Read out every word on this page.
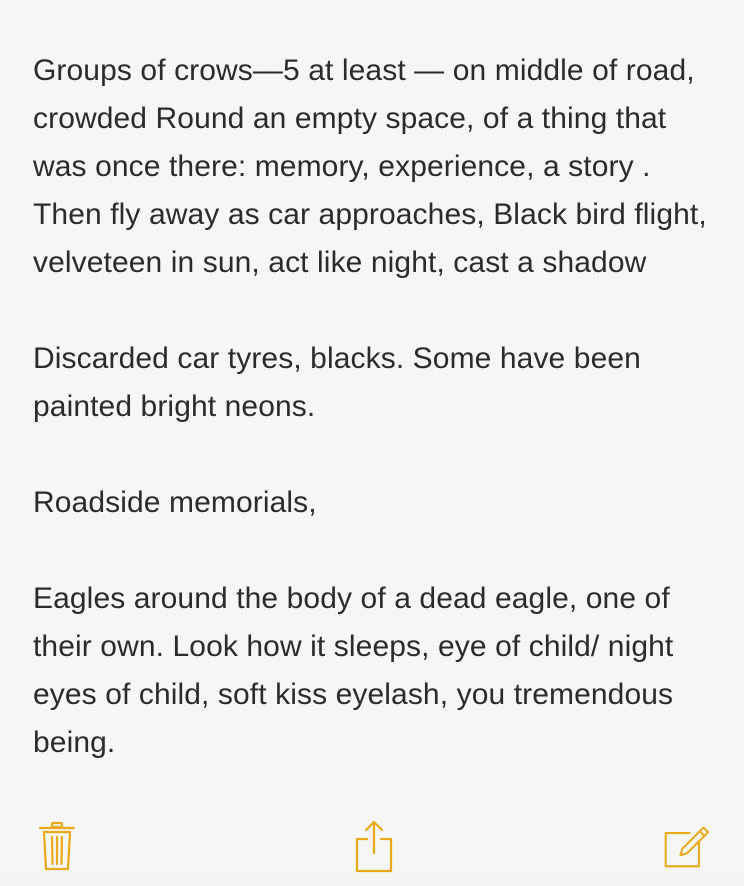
Groups of crows—5 at least — on middle of road, crowded Round an empty space, of a thing that was once there: memory, experience, a story . Then fly away as car approaches, Black bird flight, velveteen in sun, act like night, cast a shadow

Discarded car tyres, blacks. Some have been painted bright neons.

Roadside memorials,

Eagles around the body of a dead eagle, one of their own. Look how it sleeps, eye of child/ night eyes of child, soft kiss eyelash, you tremendous being.
